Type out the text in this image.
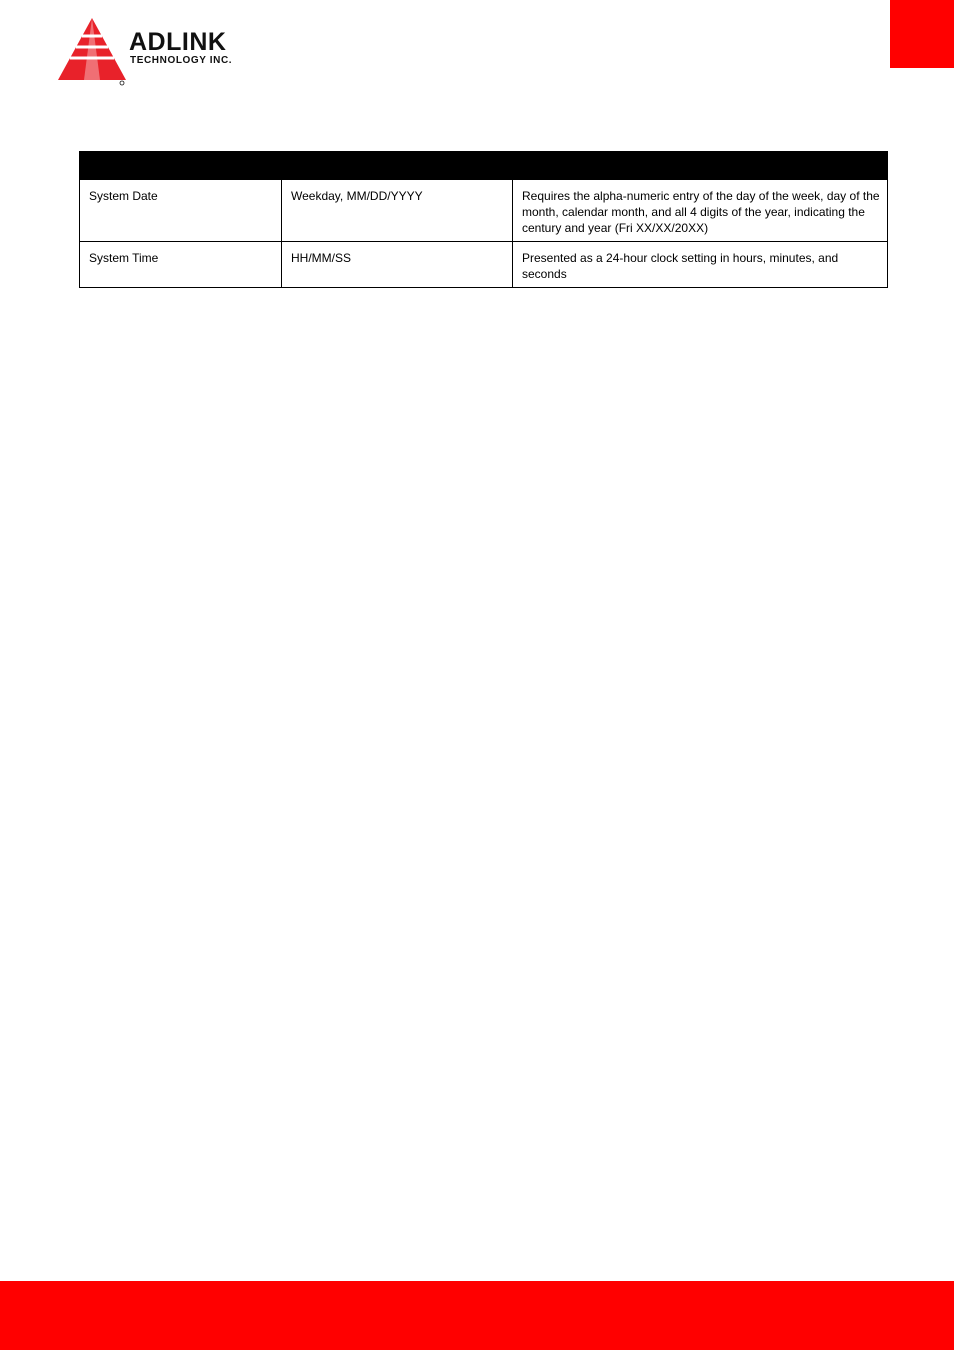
ADLINK
TECHNOLOGY INC.

System Date	Weekday, MM/DD/YYYY	Requires the alpha-numeric entry of the day of the week, day of the month, calendar month, and all 4 digits of the year, indicating the century and year (Fri XX/XX/20XX)
System Time	HH/MM/SS	Presented as a 24-hour clock setting in hours, minutes, and seconds
